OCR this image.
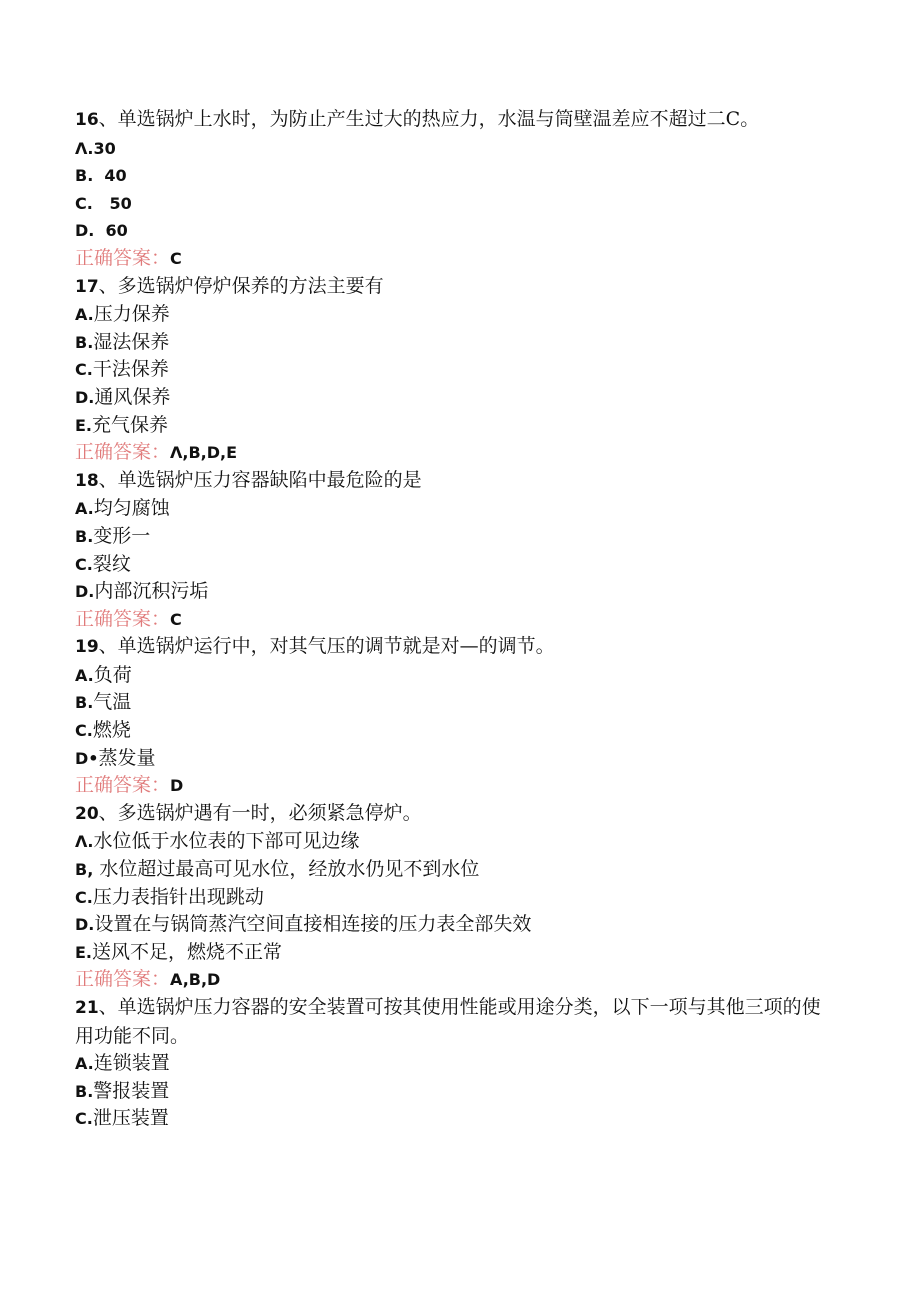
16、单选锅炉上水时，为防止产生过大的热应力，水温与筒壁温差应不超过二C。
Λ.30
B.  40
C.   50
D.  60
正确答案：C
17、多选锅炉停炉保养的方法主要有
A.压力保养
B.湿法保养
C.干法保养
D.通风保养
E.充气保养
正确答案：Λ,B,D,E
18、单选锅炉压力容器缺陷中最危险的是
A.均匀腐蚀
B.变形一
C.裂纹
D.内部沉积污垢
正确答案：C
19、单选锅炉运行中，对其气压的调节就是对—的调节。
A.负荷
B.气温
C.燃烧
D•蒸发量
正确答案：D
20、多选锅炉遇有一时，必须紧急停炉。
Λ.水位低于水位表的下部可见边缘
B, 水位超过最高可见水位，经放水仍见不到水位
C.压力表指针出现跳动
D.设置在与锅筒蒸汽空间直接相连接的压力表全部失效
E.送风不足，燃烧不正常
正确答案：A,B,D
21、单选锅炉压力容器的安全装置可按其使用性能或用途分类，以下一项与其他三项的使用功能不同。
A.连锁装置
B.警报装置
C.泄压装置
